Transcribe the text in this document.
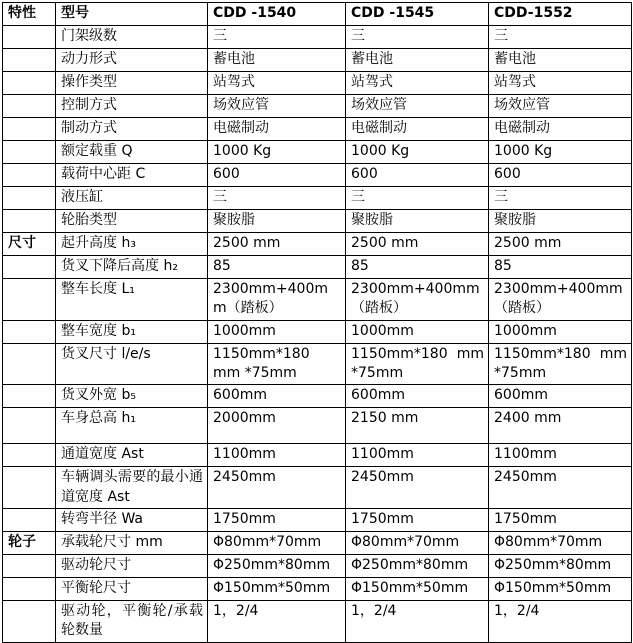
特性	型号	CDD -1540	CDD -1545	CDD-1552
	门架级数	三	三	三
	动力形式	蓄电池	蓄电池	蓄电池
	操作类型	站驾式	站驾式	站驾式
	控制方式	场效应管	场效应管	场效应管
	制动方式	电磁制动	电磁制动	电磁制动
	额定载重 Q	1000 Kg	1000 Kg	1000 Kg
	载荷中心距 C	600	600	600
	液压缸	三	三	三
	轮胎类型	聚胺脂	聚胺脂	聚胺脂
尺寸	起升高度 h₃	2500 mm	2500 mm	2500 mm
	货叉下降后高度 h₂	85	85	85
	整车长度 L₁	2300mm+400mm（踏板）	2300mm+400mm（踏板）	2300mm+400mm（踏板）
	整车宽度 b₁	1000mm	1000mm	1000mm
	货叉尺寸 l/e/s	1150mm*180 mm *75mm	1150mm*180 mm *75mm	1150mm*180 mm *75mm
	货叉外宽 b₅	600mm	600mm	600mm
	车身总高 h₁	2000mm	2150 mm	2400 mm
	通道宽度 Ast	1100mm	1100mm	1100mm
	车辆调头需要的最小通道宽度 Ast	2450mm	2450mm	2450mm
	转弯半径 Wa	1750mm	1750mm	1750mm
轮子	承载轮尺寸 mm	Φ80mm*70mm	Φ80mm*70mm	Φ80mm*70mm
	驱动轮尺寸	Φ250mm*80mm	Φ250mm*80mm	Φ250mm*80mm
	平衡轮尺寸	Φ150mm*50mm	Φ150mm*50mm	Φ150mm*50mm
	驱动轮，平衡轮/承载轮数量	1，2/4	1，2/4	1，2/4
